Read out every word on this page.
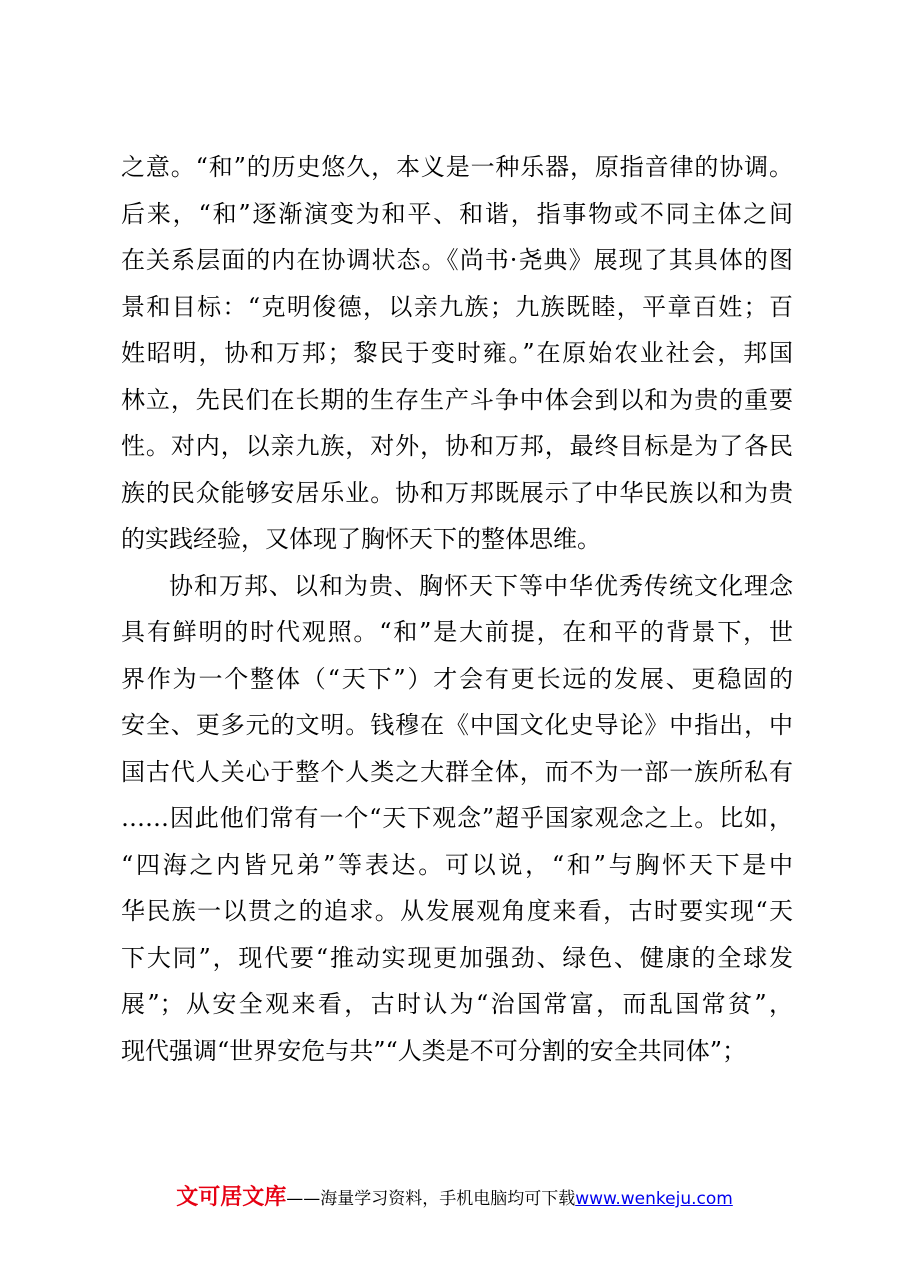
之意。“和”的历史悠久，本义是一种乐器，原指音律的协调。
后来，“和”逐渐演变为和平、和谐，指事物或不同主体之间
在关系层面的内在协调状态。《尚书·尧典》展现了其具体的图
景和目标：“克明俊德，以亲九族；九族既睦，平章百姓；百
姓昭明，协和万邦；黎民于变时雍。”在原始农业社会，邦国
林立，先民们在长期的生存生产斗争中体会到以和为贵的重要
性。对内，以亲九族，对外，协和万邦，最终目标是为了各民
族的民众能够安居乐业。协和万邦既展示了中华民族以和为贵
的实践经验，又体现了胸怀天下的整体思维。
协和万邦、以和为贵、胸怀天下等中华优秀传统文化理念
具有鲜明的时代观照。“和”是大前提，在和平的背景下，世
界作为一个整体（“天下”）才会有更长远的发展、更稳固的
安全、更多元的文明。钱穆在《中国文化史导论》中指出，中
国古代人关心于整个人类之大群全体，而不为一部一族所私有
……因此他们常有一个“天下观念”超乎国家观念之上。比如，
“四海之内皆兄弟”等表达。可以说，“和”与胸怀天下是中
华民族一以贯之的追求。从发展观角度来看，古时要实现“天
下大同”，现代要“推动实现更加强劲、绿色、健康的全球发
展”；从安全观来看，古时认为“治国常富，而乱国常贫”，
现代强调“世界安危与共”“人类是不可分割的安全共同体”；
文可居文库——海量学习资料，手机电脑均可下载www.wenkeju.com
